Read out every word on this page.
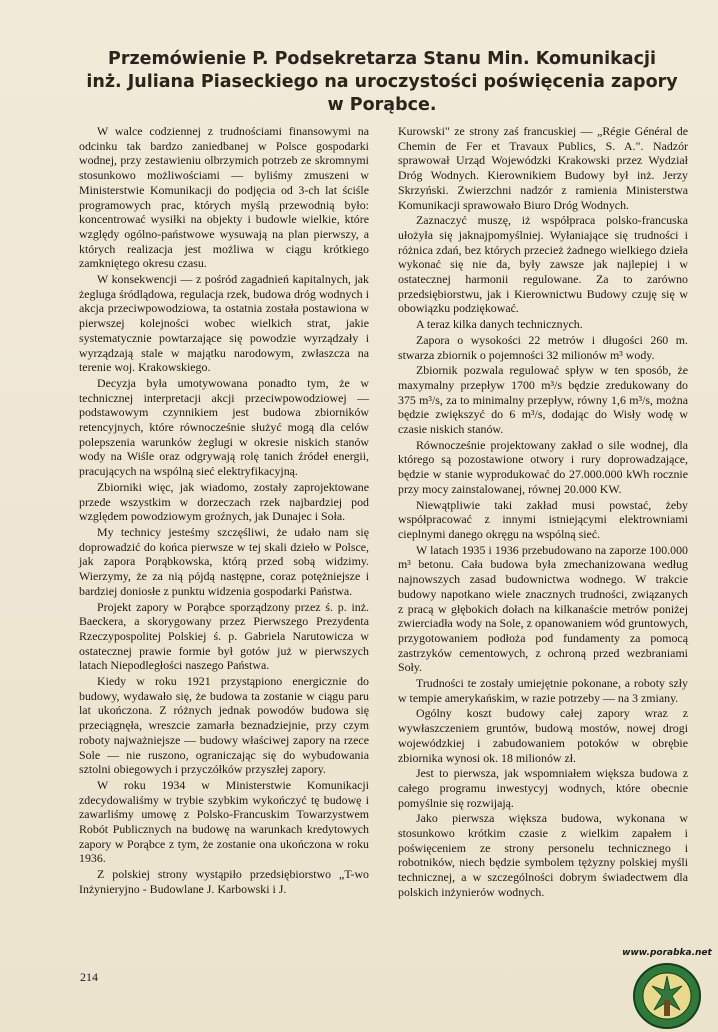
Przemówienie P. Podsekretarza Stanu Min. Komunikacji
inż. Juliana Piaseckiego na uroczystości poświęcenia zapory
w Porąbce.

W walce codziennej z trudnościami finansowymi na odcinku tak bardzo zaniedbanej w Polsce gospodarki wodnej, przy zestawieniu olbrzymich potrzeb ze skromnymi stosunkowo możliwościami — byliśmy zmuszeni w Ministerstwie Komunikacji do podjęcia od 3-ch lat ściśle programowych prac, których myślą przewodnią było: koncentrować wysiłki na objekty i budowle wielkie, które względy ogólno-państwowe wysuwają na plan pierwszy, a których realizacja jest możliwa w ciągu krótkiego zamkniętego okresu czasu.

W konsekwencji — z pośród zagadnień kapitalnych, jak żegluga śródlądowa, regulacja rzek, budowa dróg wodnych i akcja przeciwpowodziowa, ta ostatnia została postawiona w pierwszej kolejności wobec wielkich strat, jakie systematycznie powtarzające się powodzie wyrządzały i wyrządzają stale w majątku narodowym, zwłaszcza na terenie woj. Krakowskiego.

Decyzja była umotywowana ponadto tym, że w technicznej interpretacji akcji przeciwpowodziowej — podstawowym czynnikiem jest budowa zbiorników retencyjnych, które równocześnie służyć mogą dla celów polepszenia warunków żeglugi w okresie niskich stanów wody na Wiśle oraz odgrywają rolę tanich źródeł energii, pracujących na wspólną sieć elektryfikacyjną.

Zbiorniki więc, jak wiadomo, zostały zaprojektowane przede wszystkim w dorzeczach rzek najbardziej pod względem powodziowym groźnych, jak Dunajec i Soła.

My technicy jesteśmy szczęśliwi, że udało nam się doprowadzić do końca pierwsze w tej skali dzieło w Polsce, jak zapora Porąbkowska, którą przed sobą widzimy. Wierzymy, że za nią pójdą następne, coraz potężniejsze i bardziej doniosłe z punktu widzenia gospodarki Państwa.

Projekt zapory w Porąbce sporządzony przez ś. p. inż. Baeckera, a skorygowany przez Pierwszego Prezydenta Rzeczypospolitej Polskiej ś. p. Gabriela Narutowicza w ostatecznej prawie formie był gotów już w pierwszych latach Niepodległości naszego Państwa.

Kiedy w roku 1921 przystąpiono energicznie do budowy, wydawało się, że budowa ta zostanie w ciągu paru lat ukończona. Z różnych jednak powodów budowa się przeciągnęła, wreszcie zamarła beznadziejnie, przy czym roboty najważniejsze — budowy właściwej zapory na rzece Sole — nie ruszono, ograniczając się do wybudowania sztolni obiegowych i przyczółków przyszłej zapory.

W roku 1934 w Ministerstwie Komunikacji zdecydowaliśmy w trybie szybkim wykończyć tę budowę i zawarliśmy umowę z Polsko-Francuskim Towarzystwem Robót Publicznych na budowę na warunkach kredytowych zapory w Porąbce z tym, że zostanie ona ukończona w roku 1936.

Z polskiej strony wystąpiło przedsiębiorstwo „T-wo Inżynieryjno - Budowlane J. Karbowski i J.

Kurowski" ze strony zaś francuskiej — „Régie Général de Chemin de Fer et Travaux Publics, S. A.". Nadzór sprawował Urząd Wojewódzki Krakowski przez Wydział Dróg Wodnych. Kierownikiem Budowy był inż. Jerzy Skrzyński. Zwierzchni nadzór z ramienia Ministerstwa Komunikacji sprawowało Biuro Dróg Wodnych.

Zaznaczyć muszę, iż współpraca polsko-francuska ułożyła się jaknajpomyślniej. Wyłaniające się trudności i różnica zdań, bez których przecież żadnego wielkiego dzieła wykonać się nie da, były zawsze jak najlepiej i w ostatecznej harmonii regulowane. Za to zarówno przedsiębiorstwu, jak i Kierownictwu Budowy czuję się w obowiązku podziękować.

A teraz kilka danych technicznych.

Zapora o wysokości 22 metrów i długości 260 m. stwarza zbiornik o pojemności 32 milionów m³ wody.

Zbiornik pozwala regulować spływ w ten sposób, że maxymalny przepływ 1700 m³/s będzie zredukowany do 375 m³/s, za to minimalny przepływ, równy 1,6 m³/s, można będzie zwiększyć do 6 m³/s, dodając do Wisły wodę w czasie niskich stanów.

Równocześnie projektowany zakład o sile wodnej, dla którego są pozostawione otwory i rury doprowadzające, będzie w stanie wyprodukować do 27.000.000 kWh rocznie przy mocy zainstalowanej, równej 20.000 KW.

Niewątpliwie taki zakład musi powstać, żeby współpracować z innymi istniejącymi elektrowniami cieplnymi danego okręgu na wspólną sieć.

W latach 1935 i 1936 przebudowano na zaporze 100.000 m³ betonu. Cała budowa była zmechanizowana według najnowszych zasad budownictwa wodnego. W trakcie budowy napotkano wiele znacznych trudności, związanych z pracą w głębokich dołach na kilkanaście metrów poniżej zwierciadła wody na Sole, z opanowaniem wód gruntowych, przygotowaniem podłoża pod fundamenty za pomocą zastrzyków cementowych, z ochroną przed wezbraniami Soły.

Trudności te zostały umiejętnie pokonane, a roboty szły w tempie amerykańskim, w razie potrzeby — na 3 zmiany.

Ogólny koszt budowy całej zapory wraz z wywłaszczeniem gruntów, budową mostów, nowej drogi wojewódzkiej i zabudowaniem potoków w obrębie zbiornika wynosi ok. 18 milionów zł.

Jest to pierwsza, jak wspomniałem większa budowa z całego programu inwestycyj wodnych, które obecnie pomyślnie się rozwijają.

Jako pierwsza większa budowa, wykonana w stosunkowo krótkim czasie z wielkim zapałem i poświęceniem ze strony personelu technicznego i robotników, niech będzie symbolem tężyzny polskiej myśli technicznej, a w szczególności dobrym świadectwem dla polskich inżynierów wodnych.

214
www.porabka.net
